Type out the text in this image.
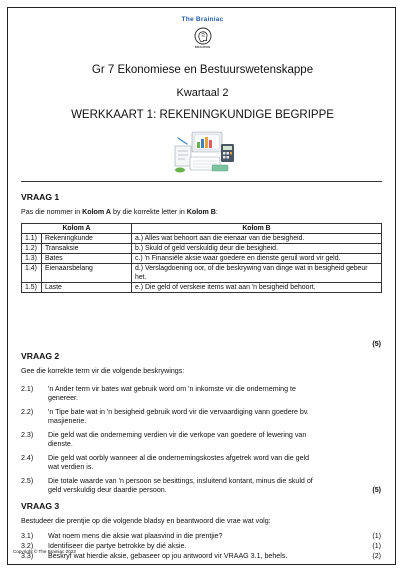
The Brainiac
EDUCATION
Gr 7 Ekonomiese en Bestuurswetenskappe
Kwartaal 2
WERKKAART 1: REKENINGKUNDIGE BEGRIPPE
VRAAG 1
Pas die nommer in Kolom A by die korrekte letter in Kolom B:
Kolom A		Kolom B
1.1)	Rekeningkunde	a.) Alles wat behoort aan die eienaar van die besigheid.
1.2)	Transaksie	b.) Skuld of geld verskuldig deur die besigheid.
1.3)	Bates	c.) 'n Finansiële aksie waar goedere en dienste geruil word vir geld.
1.4)	Eienaarsbelang	d.) Verslagdoening oor, of die beskrywing van dinge wat in besigheid gebeur het.
1.5)	Laste	e.) Die geld of verskeie items wat aan 'n besigheid behoort.
(5)
VRAAG 2
Gee die korrekte term vir die volgende beskrywings:
2.1) 'n Ander term vir bates wat gebruik word om 'n inkomste vir die onderneming te
genereer.
2.2) 'n Tipe bate wat in 'n besigheid gebruik word vir die vervaardiging vann goedere bv.
masjienerie.
2.3) Die geld wat die onderneming verdien vir die verkope van goedere of lewering van
dienste.
2.4) Die geld wat oorbly wanneer al die ondernemingskostes afgetrek word van die geld
wat verdien is.
2.5) Die totale waarde van 'n persoon se besittings, insluitend kontant, minus die skuld of
geld verskuldig deur daardie persoon.	(5)
VRAAG 3
Bestudeer die prentjie op die volgende bladsy en beantwoord die vrae wat volg:
3.1) Wat noem mens die aksie wat plaasvind in die prentjie?	(1)
3.2) Identifiseer die partye betrokke by dié aksie.	(1)
3.3) Beskryf wat hierdie aksie, gebaseer op jou antwoord vir VRAAG 3.1, behels.	(2)
Copyright © The Brainiac 2023
